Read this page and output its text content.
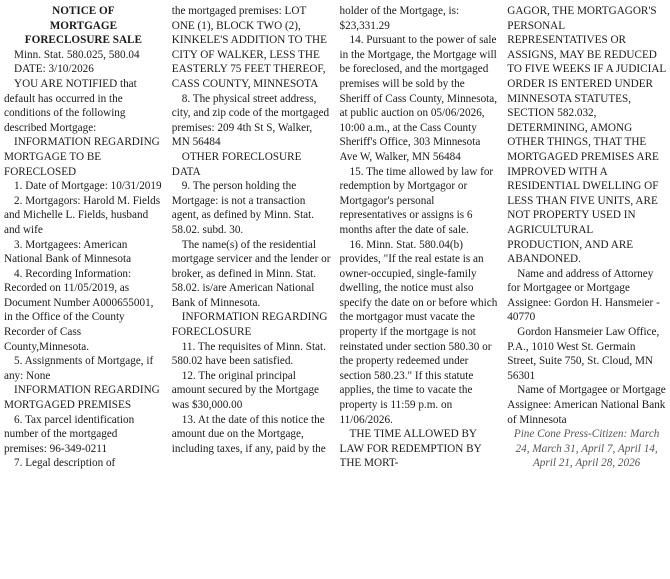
NOTICE OF

MORTGAGE

FORECLOSURE SALE

Minn. Stat. 580.025, 580.04

DATE: 3/10/2026

YOU ARE NOTIFIED that default has occurred in the conditions of the following described Mortgage:

INFORMATION REGARDING MORTGAGE TO BE FORECLOSED

1. Date of Mortgage: 10/31/2019

2. Mortgagors: Harold M. Fields and Michelle L. Fields, husband and wife

3. Mortgagees: American National Bank of Minnesota

4. Recording Information: Recorded on 11/05/2019, as Document Number A000655001, in the Office of the County Recorder of Cass County,Minnesota.

5. Assignments of Mortgage, if any: None

INFORMATION REGARDING MORTGAGED PREMISES

6. Tax parcel identification number of the mortgaged premises: 96-349-0211

7. Legal description of

the mortgaged premises: LOT ONE (1), BLOCK TWO (2), KINKELE'S ADDITION TO THE CITY OF WALKER, LESS THE EASTERLY 75 FEET THEREOF, CASS COUNTY, MINNESOTA

8. The physical street address, city, and zip code of the mortgaged premises: 209 4th St S, Walker, MN 56484

OTHER FORECLOSURE DATA

9. The person holding the Mortgage: is not a transaction agent, as defined by Minn. Stat. 58.02. subd. 30.

The name(s) of the residential mortgage servicer and the lender or broker, as defined in Minn. Stat. 58.02. is/are American National Bank of Minnesota.

INFORMATION REGARDING FORECLOSURE

11. The requisites of Minn. Stat. 580.02 have been satisfied.

12. The original principal amount secured by the Mortgage was $30,000.00

13. At the date of this notice the amount due on the Mortgage, including taxes, if any, paid by the

holder of the Mortgage, is: $23,331.29

14. Pursuant to the power of sale in the Mortgage, the Mortgage will be foreclosed, and the mortgaged premises will be sold by the Sheriff of Cass County, Minnesota, at public auction on 05/06/2026, 10:00 a.m., at the Cass County Sheriff's Office, 303 Minnesota Ave W, Walker, MN 56484

15. The time allowed by law for redemption by Mortgagor or Mortgagor's personal representatives or assigns is 6 months after the date of sale.

16. Minn. Stat. 580.04(b) provides, "If the real estate is an owner-occupied, single-family dwelling, the notice must also specify the date on or before which the mortgagor must vacate the property if the mortgage is not reinstated under section 580.30 or the property redeemed under section 580.23." If this statute applies, the time to vacate the property is 11:59 p.m. on 11/06/2026.

THE TIME ALLOWED BY LAW FOR REDEMPTION BY THE MORT-

GAGOR, THE MORTGAGOR'S PERSONAL REPRESENTATIVES OR ASSIGNS, MAY BE REDUCED TO FIVE WEEKS IF A JUDICIAL ORDER IS ENTERED UNDER MINNESOTA STATUTES, SECTION 582.032, DETERMINING, AMONG OTHER THINGS, THAT THE MORTGAGED PREMISES ARE IMPROVED WITH A RESIDENTIAL DWELLING OF LESS THAN FIVE UNITS, ARE NOT PROPERTY USED IN AGRICULTURAL PRODUCTION, AND ARE ABANDONED.

Name and address of Attorney for Mortgagee or Mortgage Assignee: Gordon H. Hansmeier - 40770

Gordon Hansmeier Law Office, P.A., 1010 West St. Germain Street, Suite 750, St. Cloud, MN 56301

Name of Mortgagee or Mortgage Assignee: American National Bank of Minnesota

Pine Cone Press-Citizen: March 24, March 31, April 7, April 14, April 21, April 28, 2026
